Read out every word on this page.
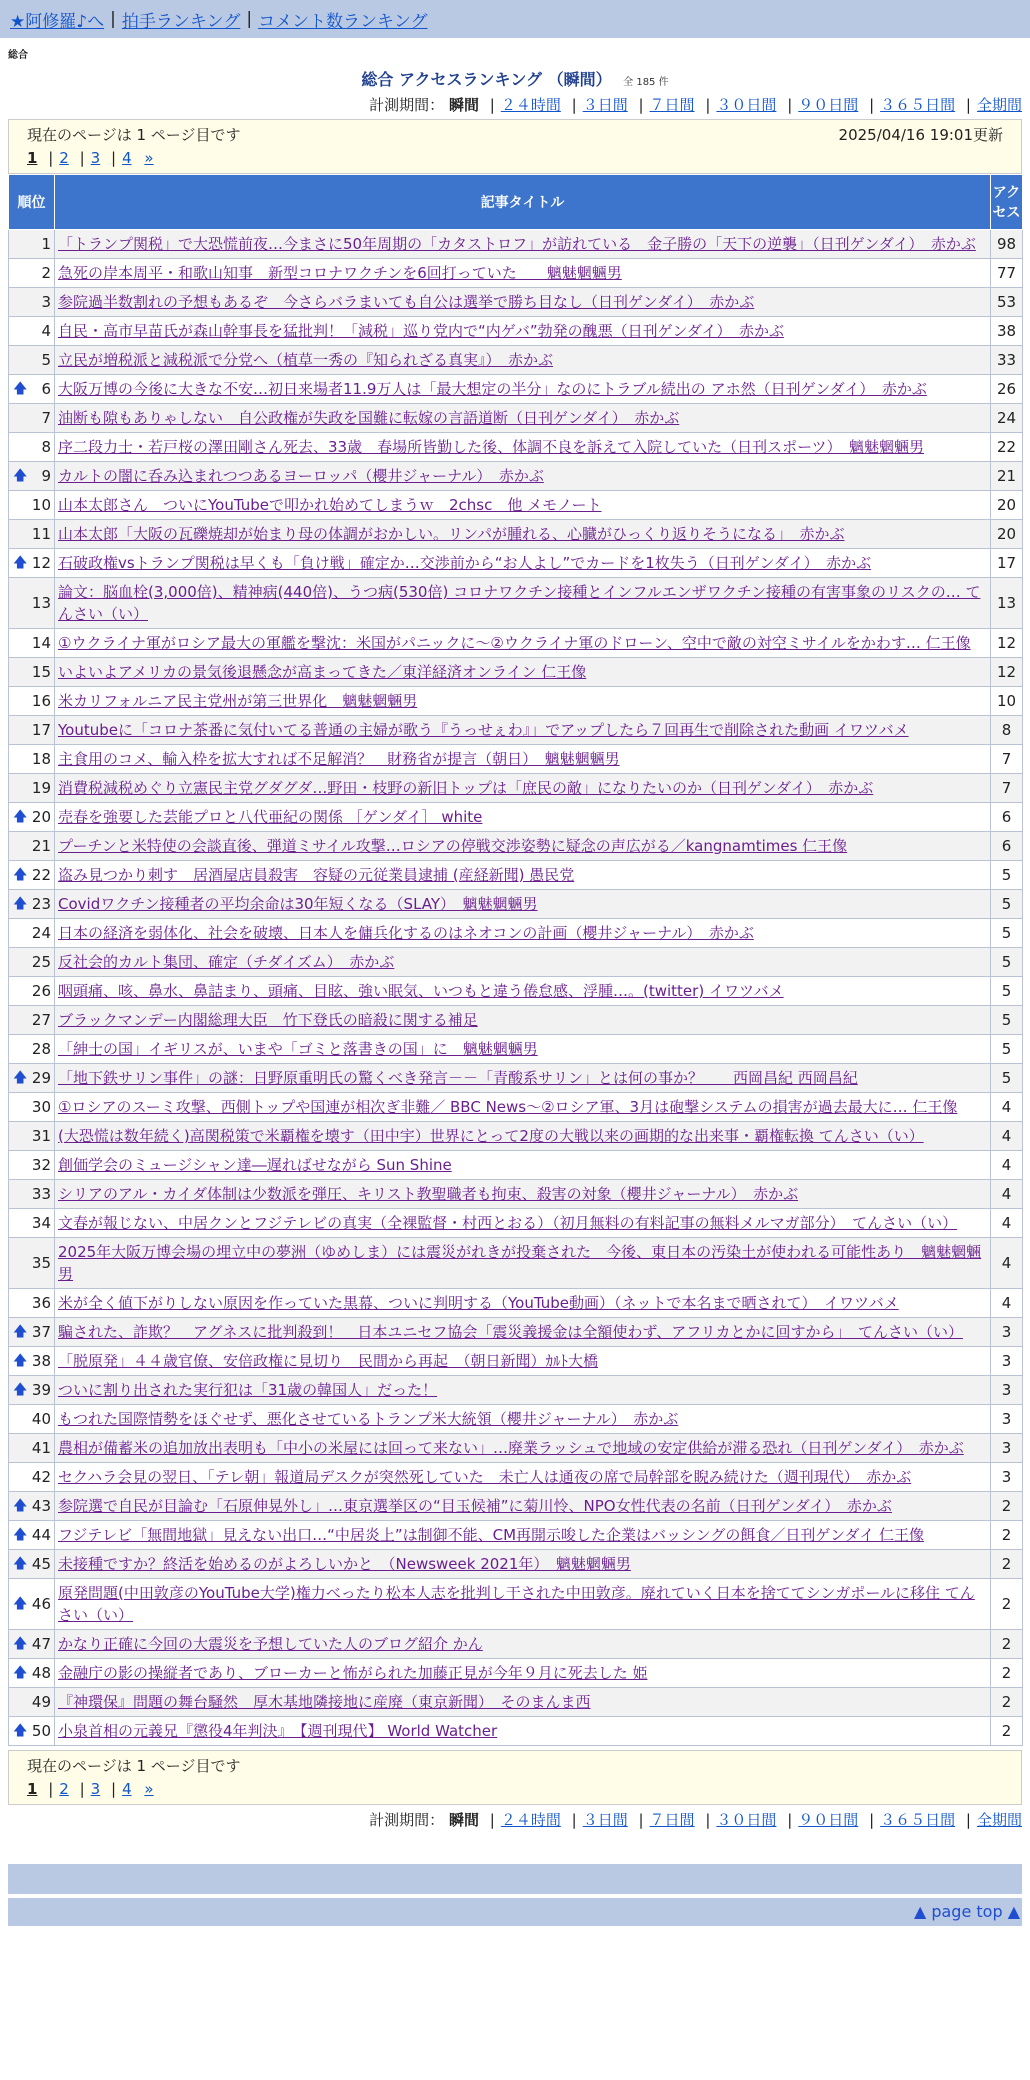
★阿修羅♪へ | 拍手ランキング | コメント数ランキング
総合
総合 アクセスランキング （瞬間） 全 185 件
計測期間： 瞬間 | ２４時間 | ３日間 | ７日間 | ３０日間 | ９０日間 | ３６５日間 | 全期間
現在のページは 1 ページ目です	2025/04/16 19:01更新
1 | 2 | 3 | 4 »
順位	記事タイトル	アクセス
1	「トランプ関税」で大恐慌前夜…今まさに50年周期の「カタストロフ」が訪れている　金子勝の「天下の逆襲」（日刊ゲンダイ）　赤かぶ	98
2	急死の岸本周平・和歌山知事　新型コロナワクチンを6回打っていた　　魑魅魍魎男	77
3	参院過半数割れの予想もあるぞ　今さらバラまいても自公は選挙で勝ち目なし（日刊ゲンダイ）　赤かぶ	53
4	自民・高市早苗氏が森山幹事長を猛批判！「減税」巡り党内で“内ゲバ”勃発の醜悪（日刊ゲンダイ）　赤かぶ	38
5	立民が増税派と減税派で分党へ（植草一秀の『知られざる真実』）　赤かぶ	33

🡅 6	大阪万博の今後に大きな不安…初日来場者11.9万人は「最大想定の半分」なのにトラブル続出の アホ然（日刊ゲンダイ）　赤かぶ	26
7	油断も隙もありゃしない　自公政権が失政を国難に転嫁の言語道断（日刊ゲンダイ）　赤かぶ	24
8	序二段力士・若戸桜の澤田剛さん死去、33歳　春場所皆勤した後、体調不良を訴えて入院していた（日刊スポーツ）　魑魅魍魎男	22

🡅 9	カルトの闇に呑み込まれつつあるヨーロッパ（櫻井ジャーナル）　赤かぶ	21
10	山本太郎さん　ついにYouTubeで叩かれ始めてしまうｗ　2chsc　他 メモノート	20
11	山本太郎「大阪の瓦礫焼却が始まり母の体調がおかしい。リンパが腫れる、心臓がひっくり返りそうになる」　赤かぶ	20

🡅 12	石破政権vsトランプ関税は早くも「負け戦」確定か…交渉前から“お人よし”でカードを1枚失う（日刊ゲンダイ）　赤かぶ	17
13	論文：脳血栓(3,000倍)、精神病(440倍)、うつ病(530倍) コロナワクチン接種とインフルエンザワクチン接種の有害事象のリスクの… てんさい（い）	13
14	①ウクライナ軍がロシア最大の軍艦を撃沈：米国がパニックに～②ウクライナ軍のドローン、空中で敵の対空ミサイルをかわす… 仁王像	12
15	いよいよアメリカの景気後退懸念が高まってきた／東洋経済オンライン 仁王像	12
16	米カリフォルニア民主党州が第三世界化　魑魅魍魎男	10
17	Youtubeに「コロナ茶番に気付いてる普通の主婦が歌う『うっせぇわ』」でアップしたら７回再生で削除された動画 イワツバメ	8
18	主食用のコメ、輸入枠を拡大すれば不足解消？　財務省が提言（朝日）　魑魅魍魎男	7
19	消費税減税めぐり立憲民主党グダグダ…野田・枝野の新旧トップは「庶民の敵」になりたいのか（日刊ゲンダイ）　赤かぶ	7

🡅 20	売春を強要した芸能プロと八代亜紀の関係 ［ゲンダイ］ white	6
21	プーチンと米特使の会談直後、弾道ミサイル攻撃…ロシアの停戦交渉姿勢に疑念の声広がる／kangnamtimes 仁王像	6

🡅 22	盗み見つかり刺す　居酒屋店員殺害　容疑の元従業員逮捕 (産経新聞) 愚民党	5

🡅 23	Covidワクチン接種者の平均余命は30年短くなる（SLAY）　魑魅魍魎男	5
24	日本の経済を弱体化、社会を破壊、日本人を傭兵化するのはネオコンの計画（櫻井ジャーナル）　赤かぶ	5
25	反社会的カルト集団、確定（チダイズム）　赤かぶ	5
26	咽頭痛、咳、鼻水、鼻詰まり、頭痛、目眩、強い眠気、いつもと違う倦怠感、浮腫…。(twitter) イワツバメ	5
27	ブラックマンデー内閣総理大臣　竹下登氏の暗殺に関する補足	5
28	「紳士の国」イギリスが、いまや「ゴミと落書きの国」に　魑魅魍魎男	5

🡅 29	「地下鉄サリン事件」の謎：日野原重明氏の驚くべき発言－－「青酸系サリン」とは何の事か？　　西岡昌紀 西岡昌紀	5
30	①ロシアのスーミ攻撃、西側トップや国連が相次ぎ非難／ BBC News～②ロシア軍、3月は砲撃システムの損害が過去最大に… 仁王像	4
31	(大恐慌は数年続く)高関税策で米覇権を壊す（田中宇）世界にとって2度の大戦以来の画期的な出来事・覇権転換 てんさい（い）	4
32	創価学会のミュージシャン達―遅ればせながら Sun Shine	4
33	シリアのアル・カイダ体制は少数派を弾圧、キリスト教聖職者も拘束、殺害の対象（櫻井ジャーナル）　赤かぶ	4
34	文春が報じない、中居クンとフジテレビの真実（全裸監督・村西とおる）（初月無料の有料記事の無料メルマガ部分）　てんさい（い）	4
35	2025年大阪万博会場の埋立中の夢洲（ゆめしま）には震災がれきが投棄された　今後、東日本の汚染土が使われる可能性あり　魑魅魍魎男	4
36	米が全く値下がりしない原因を作っていた黒幕、ついに判明する（YouTube動画）（ネットで本名まで晒されて）　イワツバメ	4

🡅 37	騙された、詐欺？　アグネスに批判殺到！　日本ユニセフ協会「震災義援金は全額使わず、アフリカとかに回すから」　てんさい（い）	3

🡅 38	「脱原発」４４歳官僚、安倍政権に見切り　民間から再起　（朝日新聞）ｶﾙﾄ大橋	3

🡅 39	ついに割り出された実行犯は「31歳の韓国人」だった！	3
40	もつれた国際情勢をほぐせず、悪化させているトランプ米大統領（櫻井ジャーナル）　赤かぶ	3
41	農相が備蓄米の追加放出表明も「中小の米屋には回って来ない」…廃業ラッシュで地域の安定供給が滞る恐れ（日刊ゲンダイ）　赤かぶ	3
42	セクハラ会見の翌日、「テレ朝」報道局デスクが突然死していた　未亡人は通夜の席で局幹部を睨み続けた（週刊現代）　赤かぶ	3

🡅 43	参院選で自民が目論む「石原伸晃外し」…東京選挙区の“目玉候補”に菊川怜、NPO女性代表の名前（日刊ゲンダイ）　赤かぶ	2

🡅 44	フジテレビ「無間地獄」見えない出口…“中居炎上”は制御不能、CM再開示唆した企業はバッシングの餌食／日刊ゲンダイ 仁王像	2

🡅 45	未接種ですか？終活を始めるのがよろしいかと　（Newsweek 2021年）　魑魅魍魎男	2

🡅 46	原発問題(中田敦彦のYouTube大学)権力べったり松本人志を批判し干された中田敦彦。廃れていく日本を捨ててシンガポールに移住 てんさい（い）	2

🡅 47	かなり正確に今回の大震災を予想していた人のブログ紹介 かん	2

🡅 48	金融庁の影の操縦者であり、ブローカーと怖がられた加藤正見が今年９月に死去した 姫	2
49	『神環保』問題の舞台騒然　厚木基地隣接地に産廃（東京新聞）　そのまんま西	2

🡅 50	小泉首相の元義兄『懲役4年判決』　【週刊現代】 World Watcher	2
現在のページは 1 ページ目です
1 | 2 | 3 | 4 »
計測期間： 瞬間 | ２４時間 | ３日間 | ７日間 | ３０日間 | ９０日間 | ３６５日間 | 全期間
▲ page top ▲
